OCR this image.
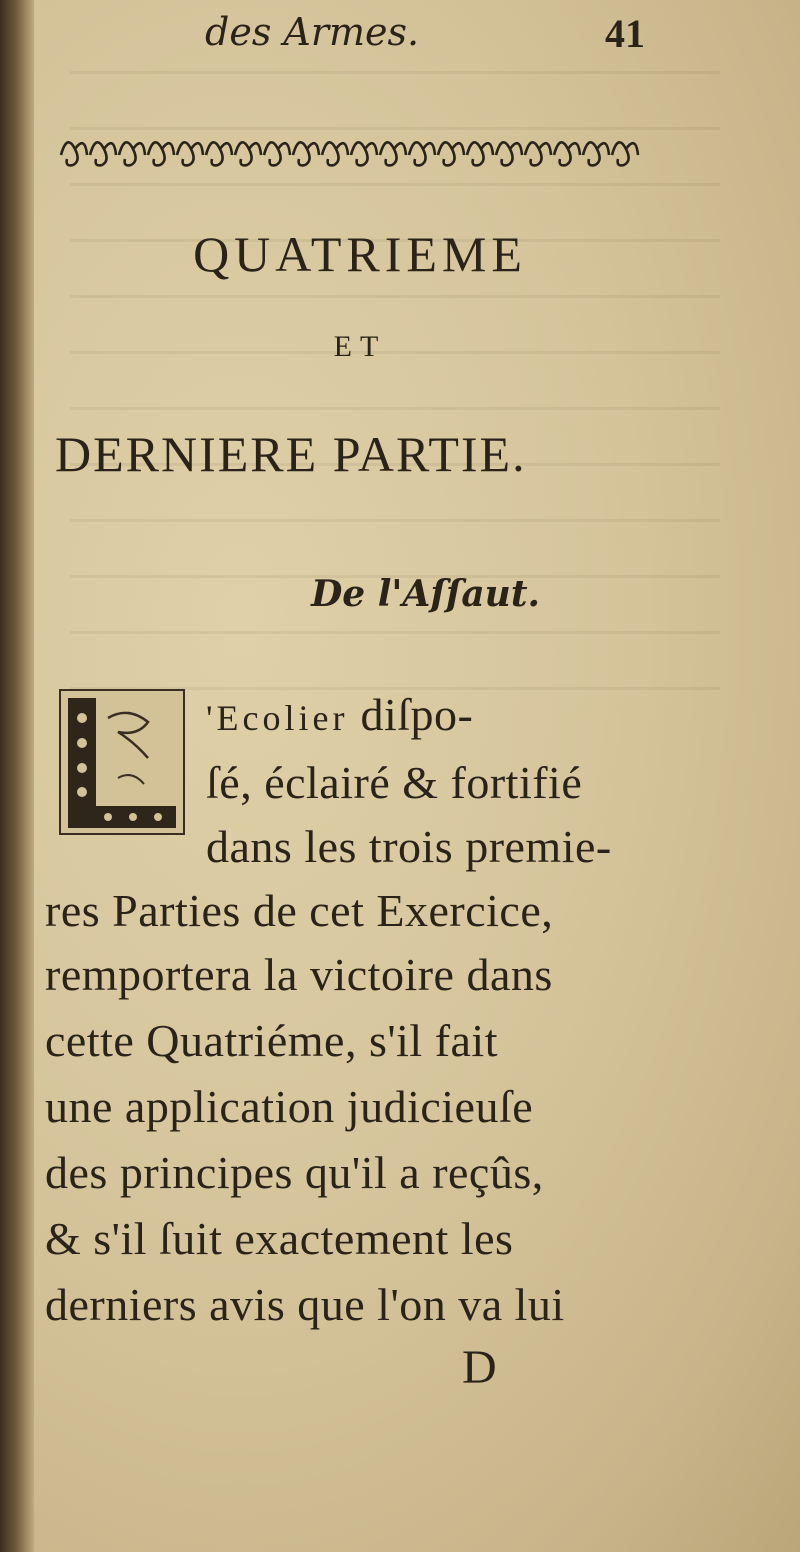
des Armes.	41
QUATRIEME
ET
DERNIERE PARTIE.
De l'Aſſaut.
'Ecolier diſpo-
ſé, éclairé & fortifié
dans les trois premie-
res Parties de cet Exercice,
remportera la victoire dans
cette Quatriéme, s'il fait
une application judicieuſe
des principes qu'il a reçûs,
& s'il ſuit exactement les
derniers avis que l'on va lui
D
